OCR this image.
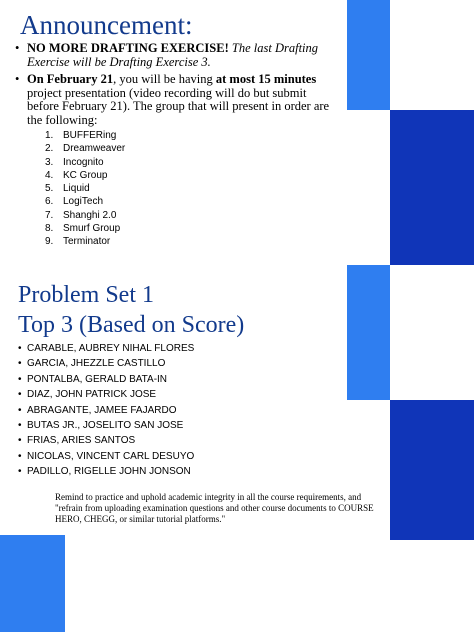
Announcement:
• NO MORE DRAFTING EXERCISE! The last Drafting Exercise will be Drafting Exercise 3.
• On February 21, you will be having at most 15 minutes project presentation (video recording will do but submit before February 21). The group that will present in order are the following:
1. BUFFERing
2. Dreamweaver
3. Incognito
4. KC Group
5. Liquid
6. LogiTech
7. Shanghi 2.0
8. Smurf Group
9. Terminator
Problem Set 1
Top 3 (Based on Score)
• CARABLE, AUBREY NIHAL FLORES
• GARCIA, JHEZZLE CASTILLO
• PONTALBA, GERALD BATA-IN
• DIAZ, JOHN PATRICK JOSE
• ABRAGANTE, JAMEE FAJARDO
• BUTAS JR., JOSELITO SAN JOSE
• FRIAS, ARIES SANTOS
• NICOLAS, VINCENT CARL DESUYO
• PADILLO, RIGELLE JOHN JONSON

Remind to practice and uphold academic integrity in all the course requirements, and "refrain from uploading examination questions and other course documents to COURSE HERO, CHEGG, or similar tutorial platforms."
